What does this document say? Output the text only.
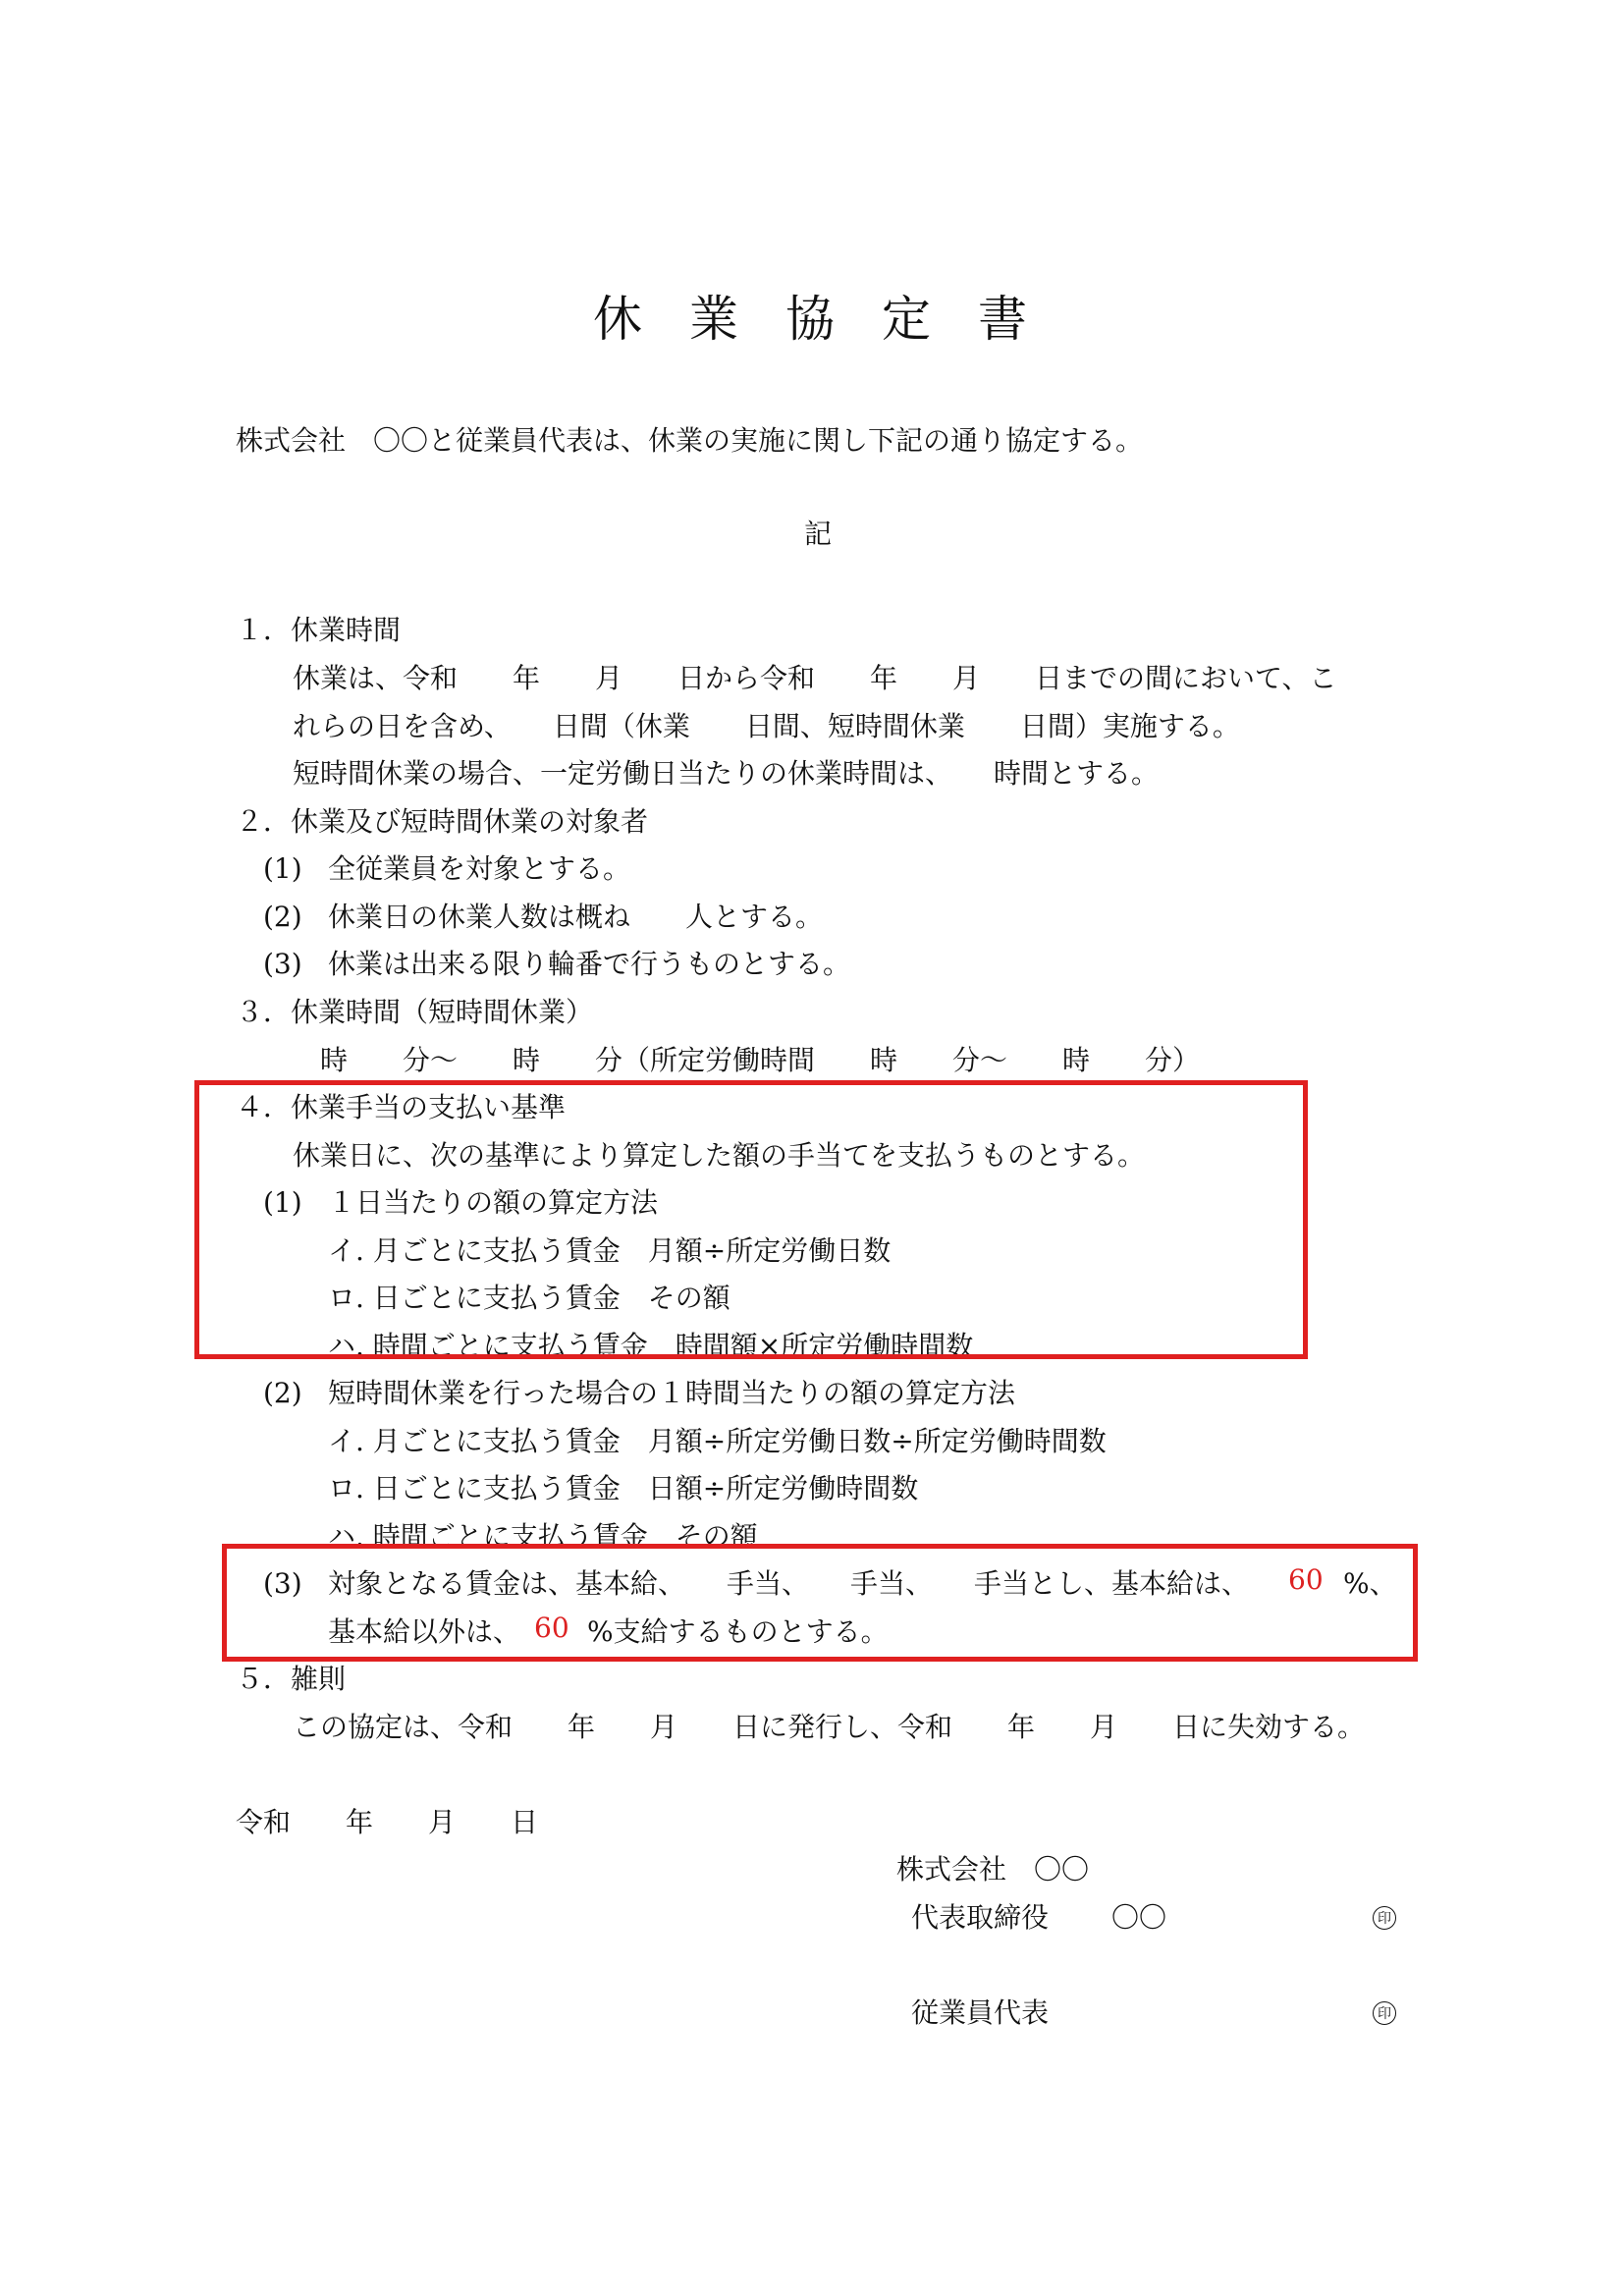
休業協定書
株式会社　〇〇と従業員代表は、休業の実施に関し下記の通り協定する。
記
１．休業時間
休業は、令和　　年　　月　　日から令和　　年　　月　　日までの間において、こ
れらの日を含め、　　日間（休業　　日間、短時間休業　　日間）実施する。
短時間休業の場合、一定労働日当たりの休業時間は、　　時間とする。
２．休業及び短時間休業の対象者
(1) 全従業員を対象とする。
(2) 休業日の休業人数は概ね　　人とする。
(3) 休業は出来る限り輪番で行うものとする。
３．休業時間（短時間休業）
時　　分～　　時　　分（所定労働時間　　時　　分～　　時　　分）
４．休業手当の支払い基準
休業日に、次の基準により算定した額の手当てを支払うものとする。
(1) １日当たりの額の算定方法
イ. 月ごとに支払う賃金　月額÷所定労働日数
ロ. 日ごとに支払う賃金　その額
ハ. 時間ごとに支払う賃金　時間額×所定労働時間数
(2) 短時間休業を行った場合の１時間当たりの額の算定方法
イ. 月ごとに支払う賃金　月額÷所定労働日数÷所定労働時間数
ロ. 日ごとに支払う賃金　日額÷所定労働時間数
ハ. 時間ごとに支払う賃金　その額
(3) 対象となる賃金は、基本給、　　手当、　　手当、　　手当とし、基本給は、 60 %、
基本給以外は、 60 %支給するものとする。
５．雑則
この協定は、令和　　年　　月　　日に発行し、令和　　年　　月　　日に失効する。
令和　　年　　月　　日
株式会社　〇〇
代表取締役 〇〇	印
従業員代表	印
